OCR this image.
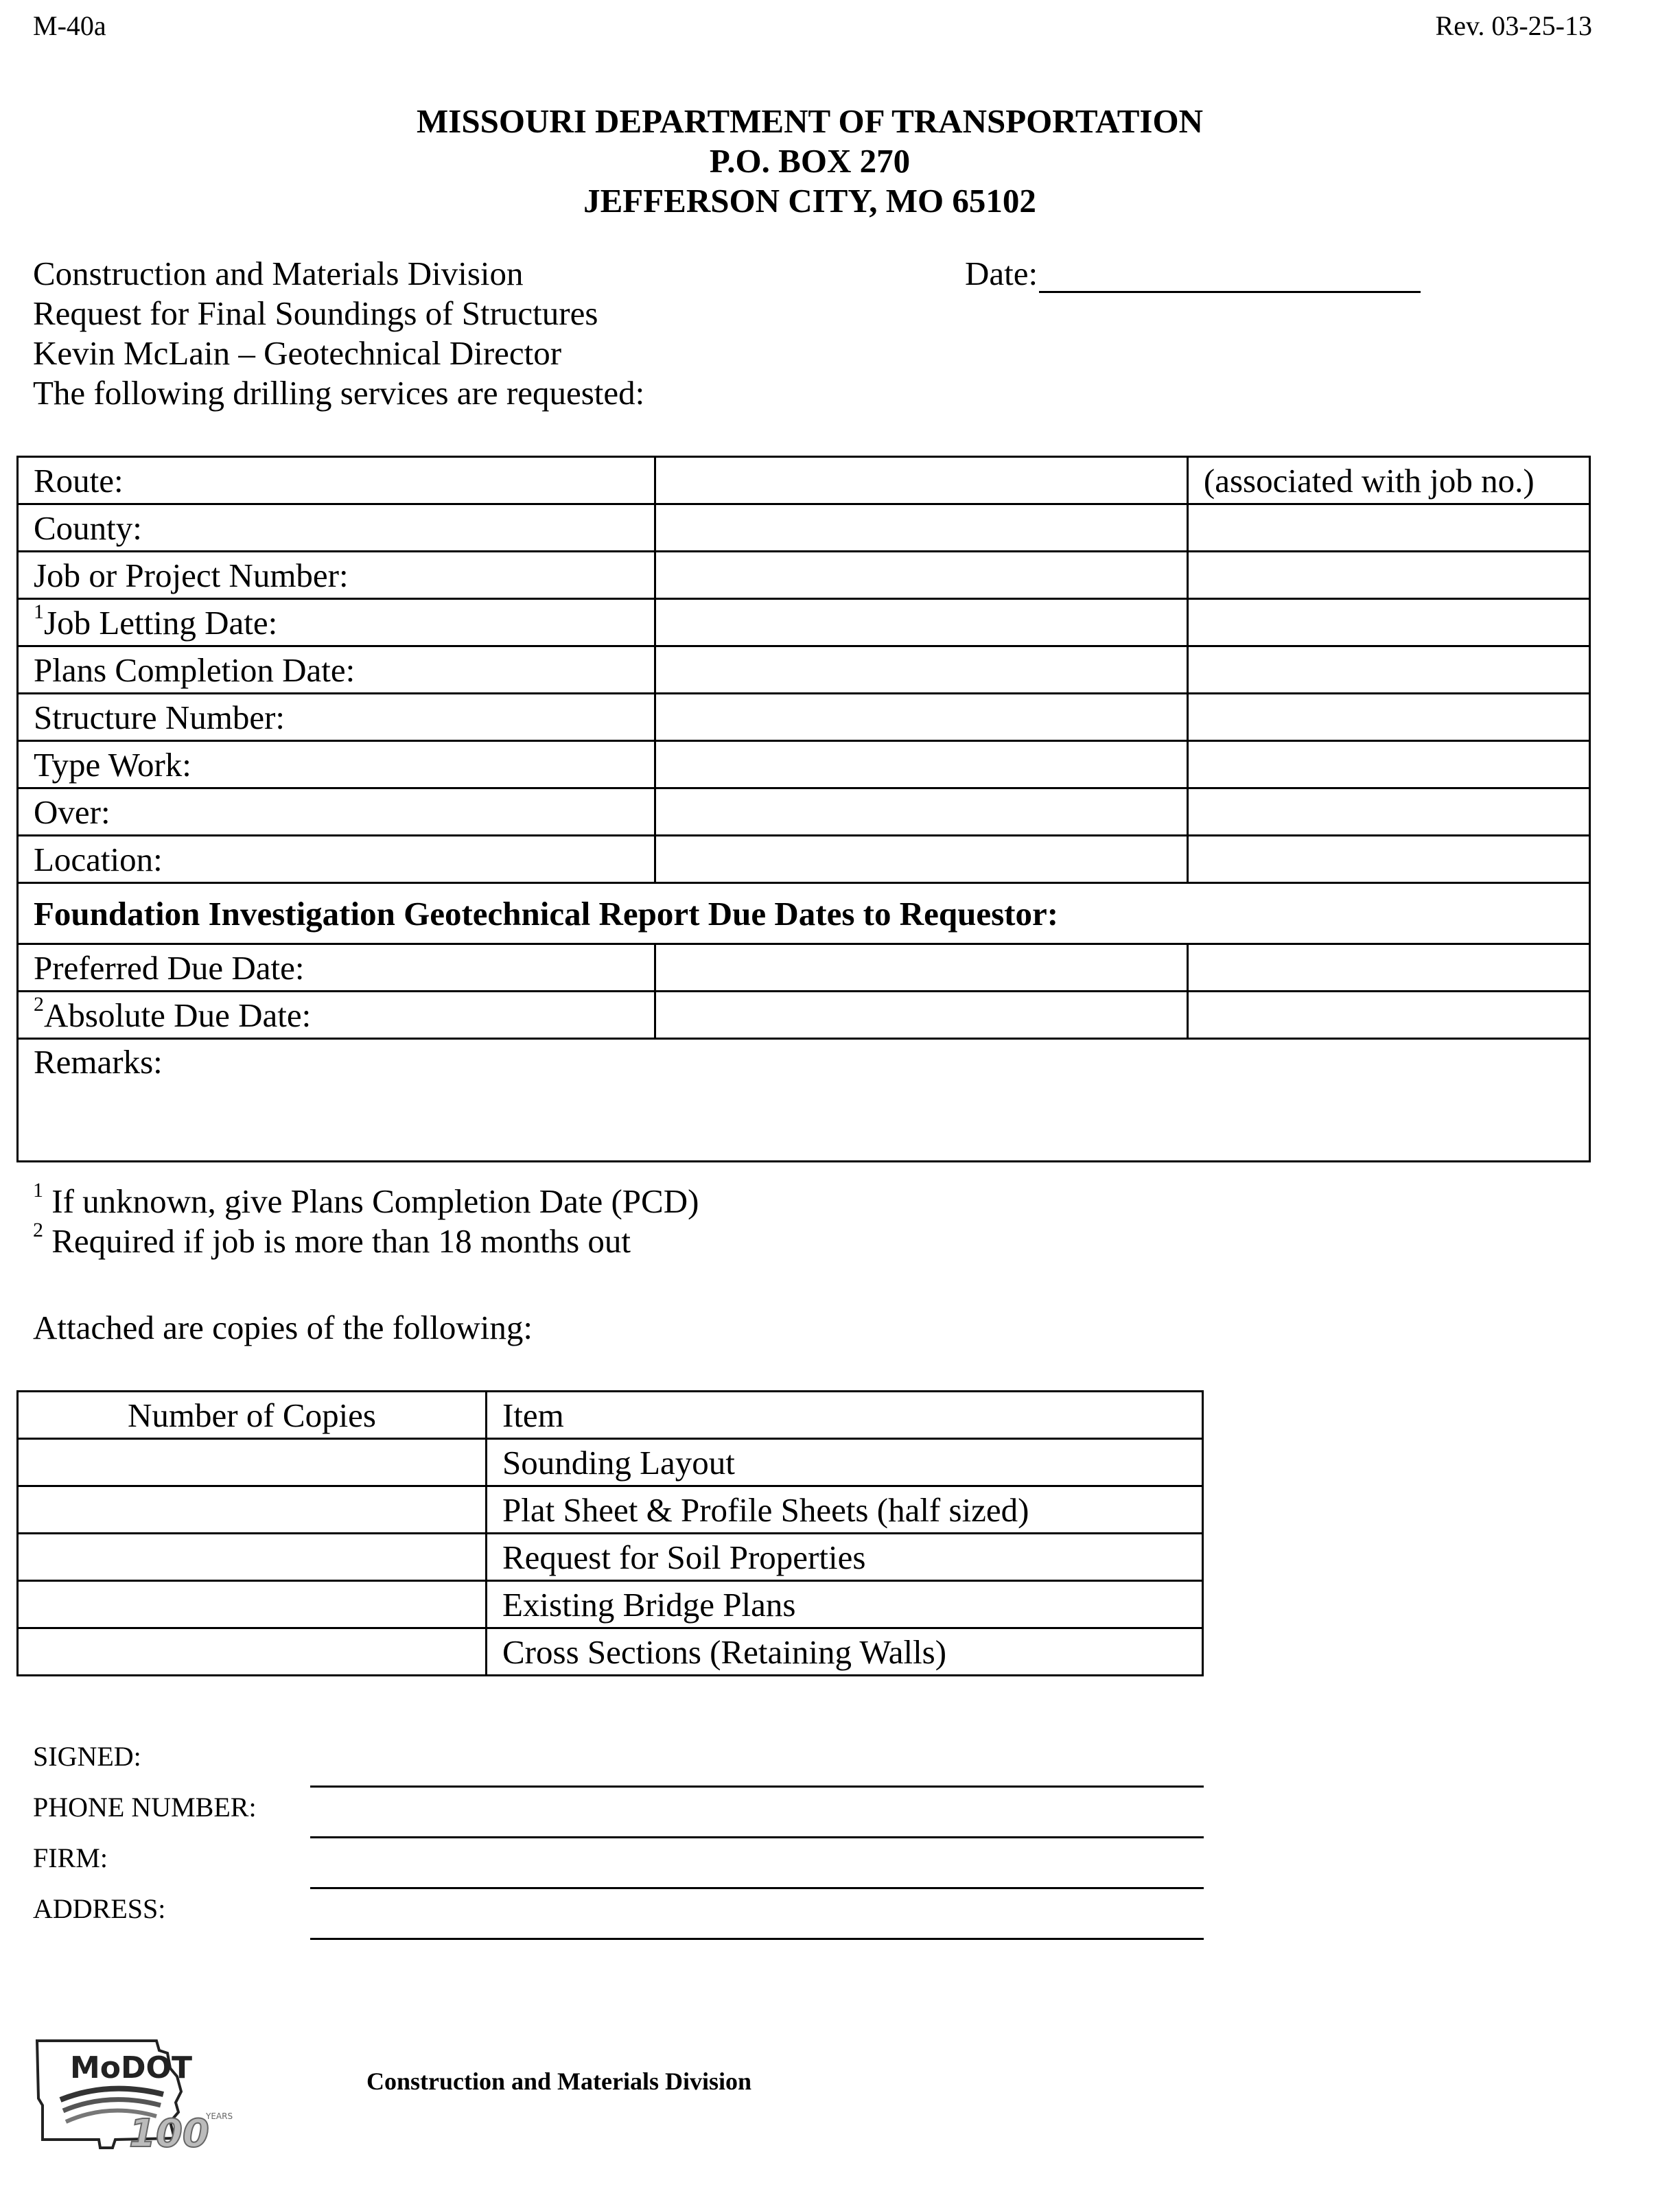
M-40a	Rev. 03-25-13
MISSOURI DEPARTMENT OF TRANSPORTATION
P.O. BOX 270
JEFFERSON CITY, MO 65102
Construction and Materials Division
Request for Final Soundings of Structures
Kevin McLain – Geotechnical Director
The following drilling services are requested:
Date:
Route:		(associated with job no.)
County:		
Job or Project Number:		
$^1$Job Letting Date:		
Plans Completion Date:		
Structure Number:		
Type Work:		
Over:		
Location:		
Foundation Investigation Geotechnical Report Due Dates to Requestor:		
Preferred Due Date:		
$^2$Absolute Due Date:		
Remarks:		
$^1$ If unknown, give Plans Completion Date (PCD)
$^2$ Required if job is more than 18 months out
Attached are copies of the following:
Number of Copies	Item
	Sounding Layout
	Plat Sheet & Profile Sheets (half sized)
	Request for Soil Properties
	Existing Bridge Plans
	Cross Sections (Retaining Walls)
SIGNED:
PHONE NUMBER:
FIRM:
ADDRESS:
MoDOT
100
YEARS
Construction and Materials Division
